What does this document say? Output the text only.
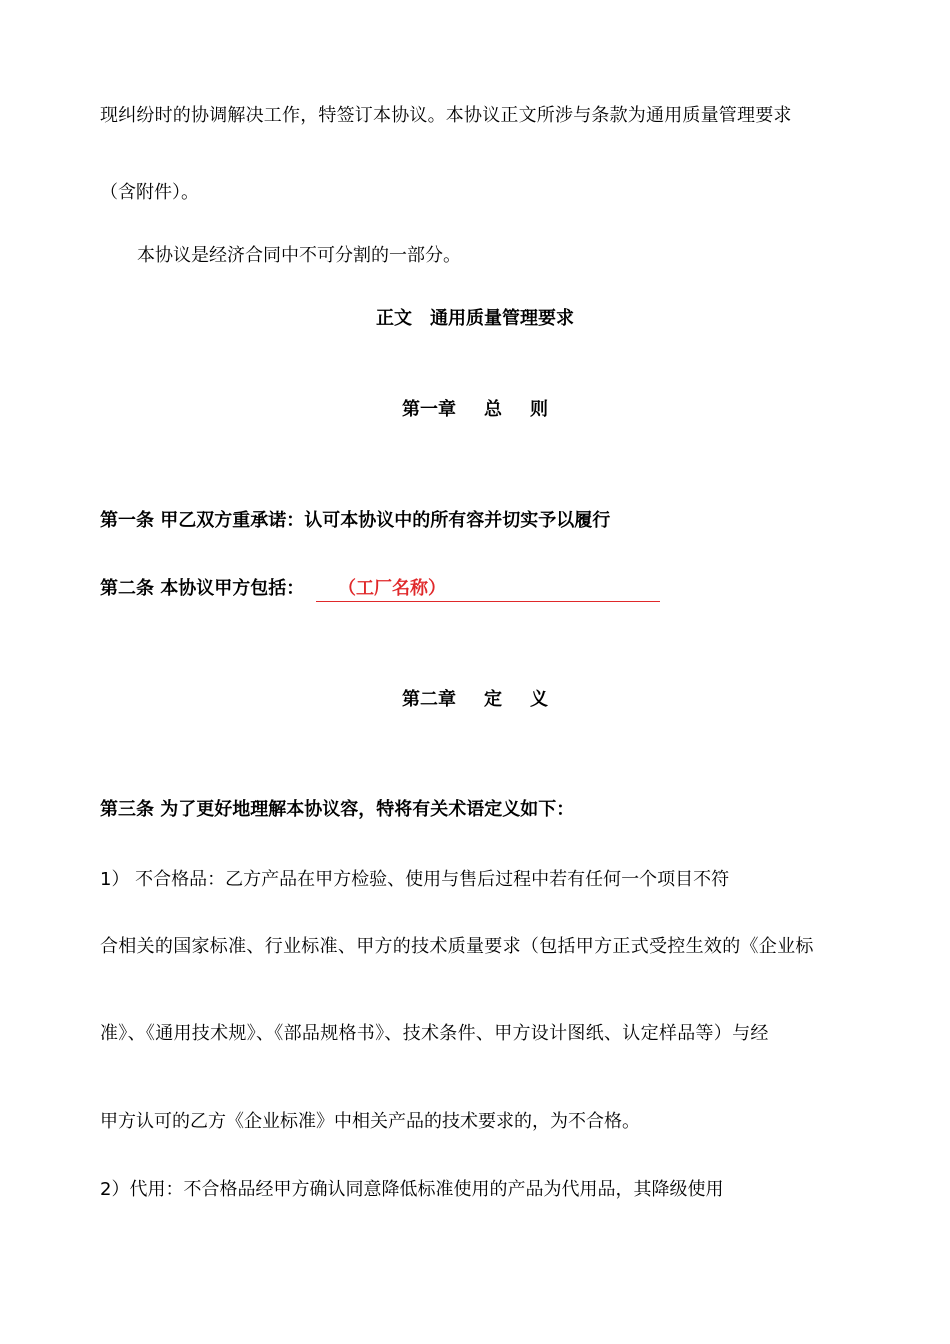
现纠纷时的协调解决工作，特签订本协议。本协议正文所涉与条款为通用质量管理要求
（含附件）。
本协议是经济合同中不可分割的一部分。
正文 通用质量管理要求
第一章 总 则
第一条 甲乙双方重承诺：认可本协议中的所有容并切实予以履行
第二条 本协议甲方包括： （工厂名称）
第二章 定 义
第三条 为了更好地理解本协议容，特将有关术语定义如下：
1） 不合格品：乙方产品在甲方检验、使用与售后过程中若有任何一个项目不符
合相关的国家标准、行业标准、甲方的技术质量要求（包括甲方正式受控生效的《企业标
准》、《通用技术规》、《部品规格书》、技术条件、甲方设计图纸、认定样品等）与经
甲方认可的乙方《企业标准》中相关产品的技术要求的，为不合格。
2）代用：不合格品经甲方确认同意降低标准使用的产品为代用品，其降级使用
